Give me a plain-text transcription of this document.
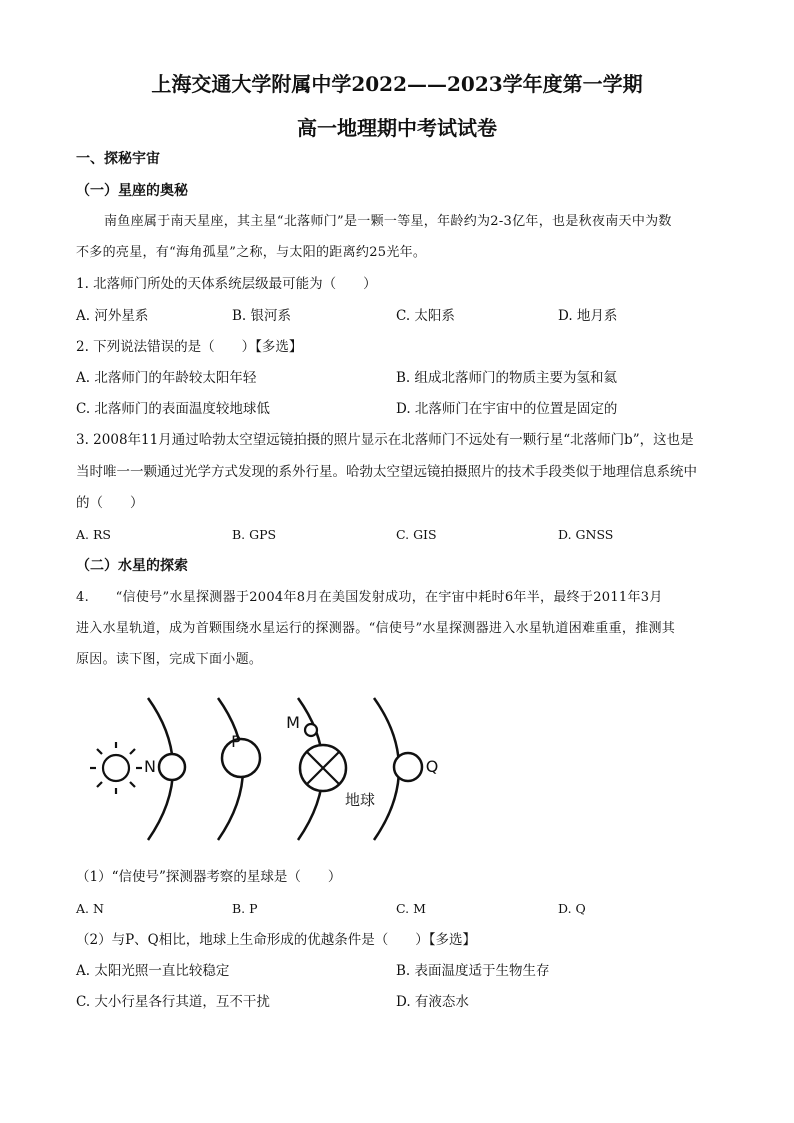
上海交通大学附属中学2022——2023学年度第一学期
高一地理期中考试试卷
一、探秘宇宙
（一）星座的奥秘
南鱼座属于南天星座，其主星“北落师门”是一颗一等星，年龄约为2-3亿年，也是秋夜南天中为数
不多的亮星，有“海角孤星”之称，与太阳的距离约25光年。
1. 北落师门所处的天体系统层级最可能为（　　）
A. 河外星系	B. 银河系	C. 太阳系	D. 地月系
2. 下列说法错误的是（　　）【多选】
A. 北落师门的年龄较太阳年轻	B. 组成北落师门的物质主要为氢和氦
C. 北落师门的表面温度较地球低	D. 北落师门在宇宙中的位置是固定的
3. 2008年11月通过哈勃太空望远镜拍摄的照片显示在北落师门不远处有一颗行星“北落师门b”，这也是
当时唯一一颗通过光学方式发现的系外行星。哈勃太空望远镜拍摄照片的技术手段类似于地理信息系统中
的（　　）
A. RS	B. GPS	C. GIS	D. GNSS
（二）水星的探索
4.　　“信使号”水星探测器于2004年8月在美国发射成功，在宇宙中耗时6年半，最终于2011年3月
进入水星轨道，成为首颗围绕水星运行的探测器。“信使号”水星探测器进入水星轨道困难重重，推测其
原因。读下图，完成下面小题。
N
P
地球
M
Q
（1）“信使号”探测器考察的星球是（　　）
A. N	B. P	C. M	D. Q
（2）与P、Q相比，地球上生命形成的优越条件是（　　）【多选】
A. 太阳光照一直比较稳定	B. 表面温度适于生物生存
C. 大小行星各行其道，互不干扰	D. 有液态水
